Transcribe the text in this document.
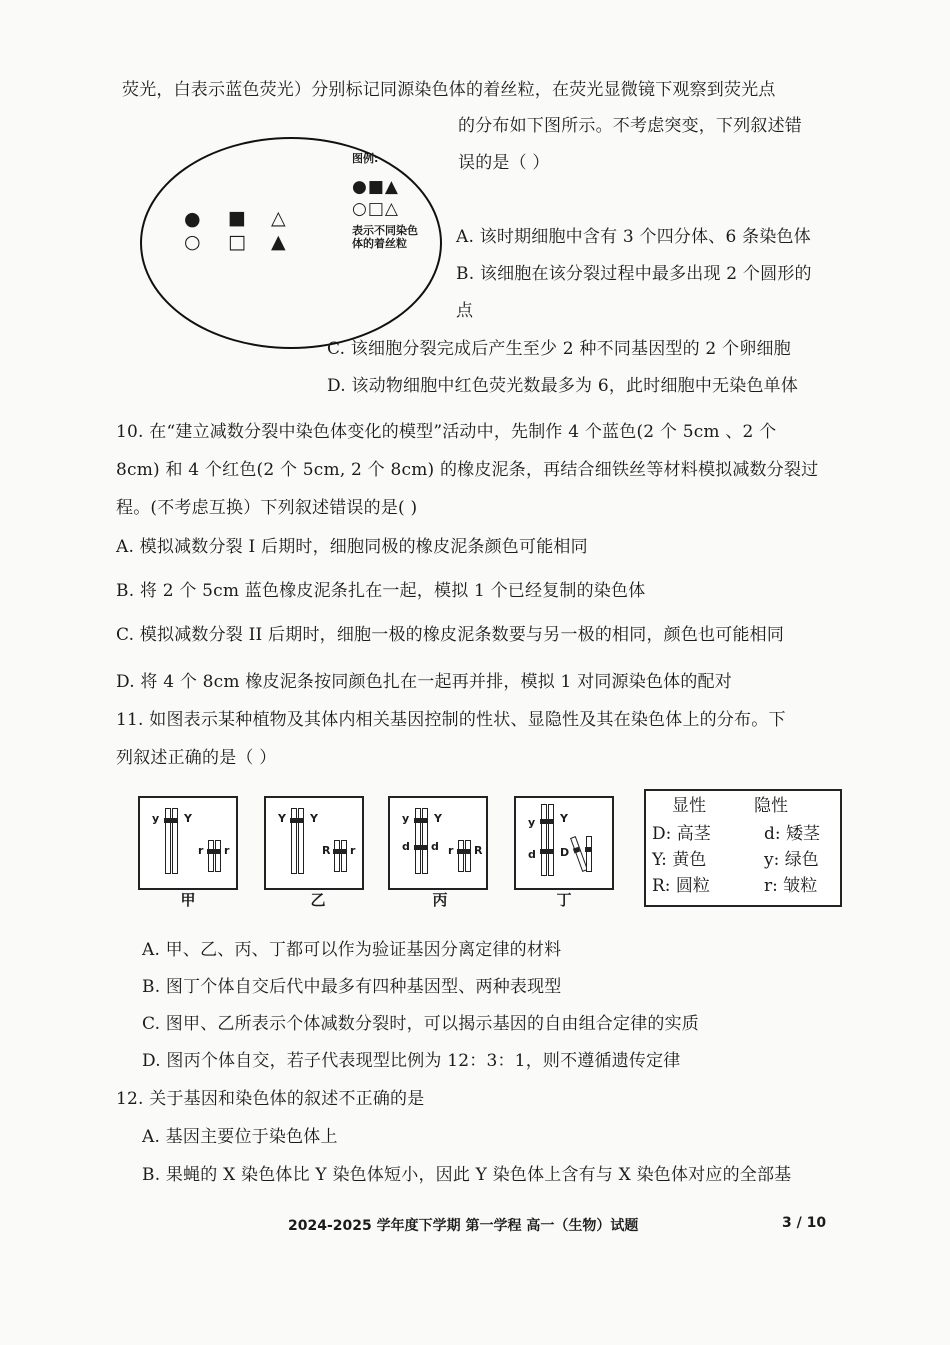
荧光，白表示蓝色荧光）分别标记同源染色体的着丝粒，在荧光显微镜下观察到荧光点
的分布如下图所示。不考虑突变，下列叙述错
误的是（ ）
● ■ △
○ □ ▲
图例:
●■▲
○□△
表示不同染色
体的着丝粒	A. 该时期细胞中含有 3 个四分体、6 条染色体
B. 该细胞在该分裂过程中最多出现 2 个圆形的
点
C. 该细胞分裂完成后产生至少 2 种不同基因型的 2 个卵细胞
D. 该动物细胞中红色荧光数最多为 6，此时细胞中无染色单体
10. 在“建立减数分裂中染色体变化的模型”活动中，先制作 4 个蓝色(2 个 5cm 、2 个
8cm) 和 4 个红色(2 个 5cm, 2 个 8cm) 的橡皮泥条，再结合细铁丝等材料模拟减数分裂过
程。(不考虑互换）下列叙述错误的是( )
A. 模拟减数分裂 I 后期时，细胞同极的橡皮泥条颜色可能相同
B. 将 2 个 5cm 蓝色橡皮泥条扎在一起，模拟 1 个已经复制的染色体
C. 模拟减数分裂 II 后期时，细胞一极的橡皮泥条数要与另一极的相同，颜色也可能相同
D. 将 4 个 8cm 橡皮泥条按同颜色扎在一起再并排，模拟 1 对同源染色体的配对
11. 如图表示某种植物及其体内相关基因控制的性状、显隐性及其在染色体上的分布。下
列叙述正确的是（ ）
y Y
r r
甲
Y Y
R r
乙
y Y
d d r R
丙
Y
y
d D
丁
显性	隐性
D: 高茎	d: 矮茎
Y: 黄色	y: 绿色
R: 圆粒	r: 皱粒
A. 甲、乙、丙、丁都可以作为验证基因分离定律的材料
B. 图丁个体自交后代中最多有四种基因型、两种表现型
C. 图甲、乙所表示个体减数分裂时，可以揭示基因的自由组合定律的实质
D. 图丙个体自交，若子代表现型比例为 12：3：1，则不遵循遗传定律
12. 关于基因和染色体的叙述不正确的是
A. 基因主要位于染色体上
B. 果蝇的 X 染色体比 Y 染色体短小，因此 Y 染色体上含有与 X 染色体对应的全部基
2024-2025 学年度下学期 第一学程 高一（生物）试题	3 / 10
